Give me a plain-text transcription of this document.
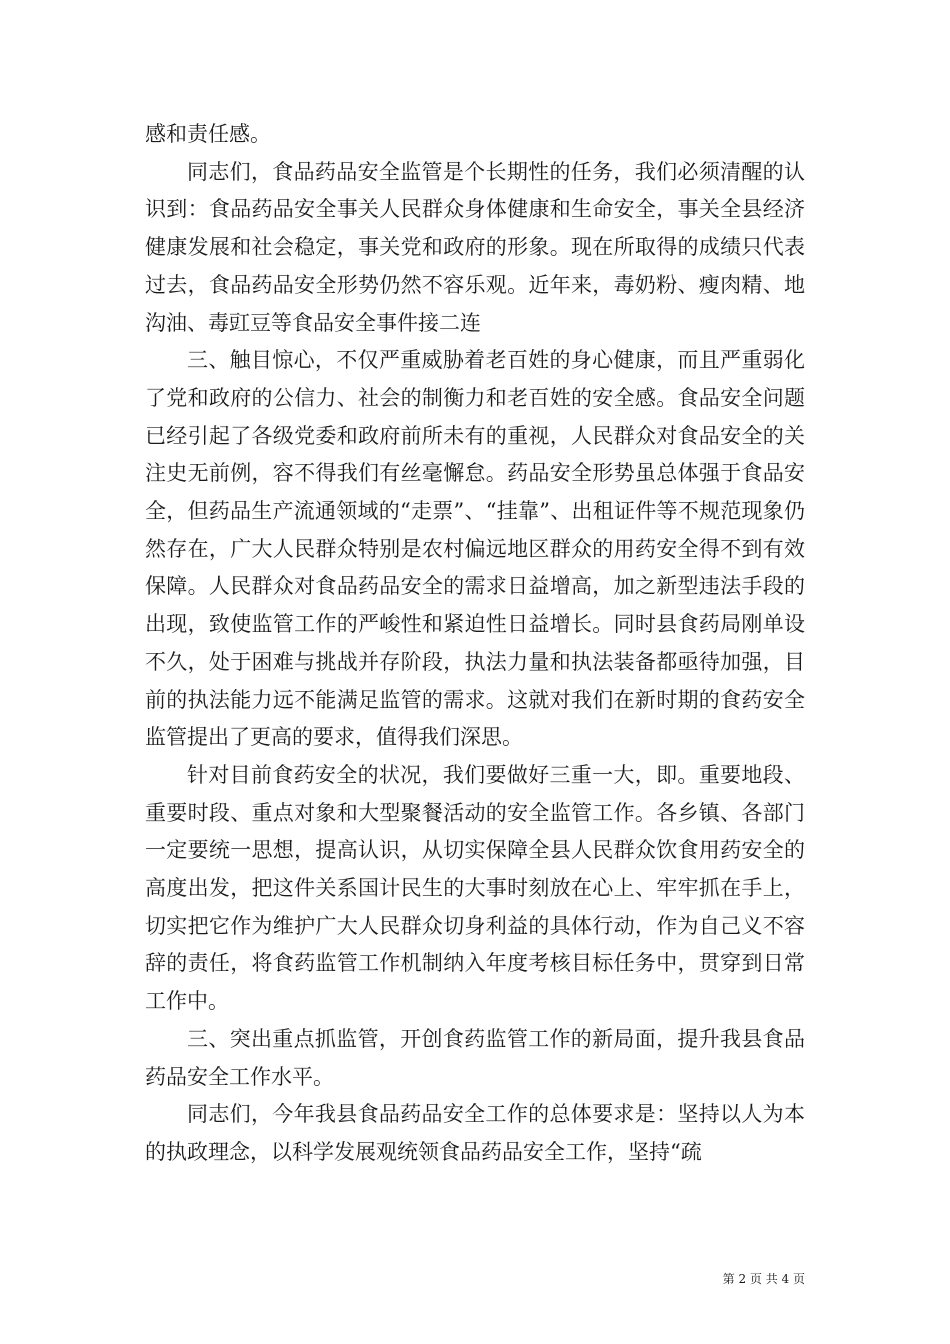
感和责任感。

同志们，食品药品安全监管是个长期性的任务，我们必须清醒的认识到：食品药品安全事关人民群众身体健康和生命安全，事关全县经济健康发展和社会稳定，事关党和政府的形象。现在所取得的成绩只代表过去，食品药品安全形势仍然不容乐观。近年来，毒奶粉、瘦肉精、地沟油、毒豇豆等食品安全事件接二连

三、触目惊心，不仅严重威胁着老百姓的身心健康，而且严重弱化了党和政府的公信力、社会的制衡力和老百姓的安全感。食品安全问题已经引起了各级党委和政府前所未有的重视，人民群众对食品安全的关注史无前例，容不得我们有丝毫懈怠。药品安全形势虽总体强于食品安全，但药品生产流通领域的“走票”、“挂靠”、出租证件等不规范现象仍然存在，广大人民群众特别是农村偏远地区群众的用药安全得不到有效保障。人民群众对食品药品安全的需求日益增高，加之新型违法手段的出现，致使监管工作的严峻性和紧迫性日益增长。同时县食药局刚单设不久，处于困难与挑战并存阶段，执法力量和执法装备都亟待加强，目前的执法能力远不能满足监管的需求。这就对我们在新时期的食药安全监管提出了更高的要求，值得我们深思。

针对目前食药安全的状况，我们要做好三重一大，即。重要地段、重要时段、重点对象和大型聚餐活动的安全监管工作。各乡镇、各部门一定要统一思想，提高认识，从切实保障全县人民群众饮食用药安全的高度出发，把这件关系国计民生的大事时刻放在心上、牢牢抓在手上，切实把它作为维护广大人民群众切身利益的具体行动，作为自己义不容辞的责任，将食药监管工作机制纳入年度考核目标任务中，贯穿到日常工作中。

三、突出重点抓监管，开创食药监管工作的新局面，提升我县食品药品安全工作水平。

同志们，今年我县食品药品安全工作的总体要求是：坚持以人为本的执政理念，以科学发展观统领食品药品安全工作，坚持“疏

第 2 页 共 4 页
